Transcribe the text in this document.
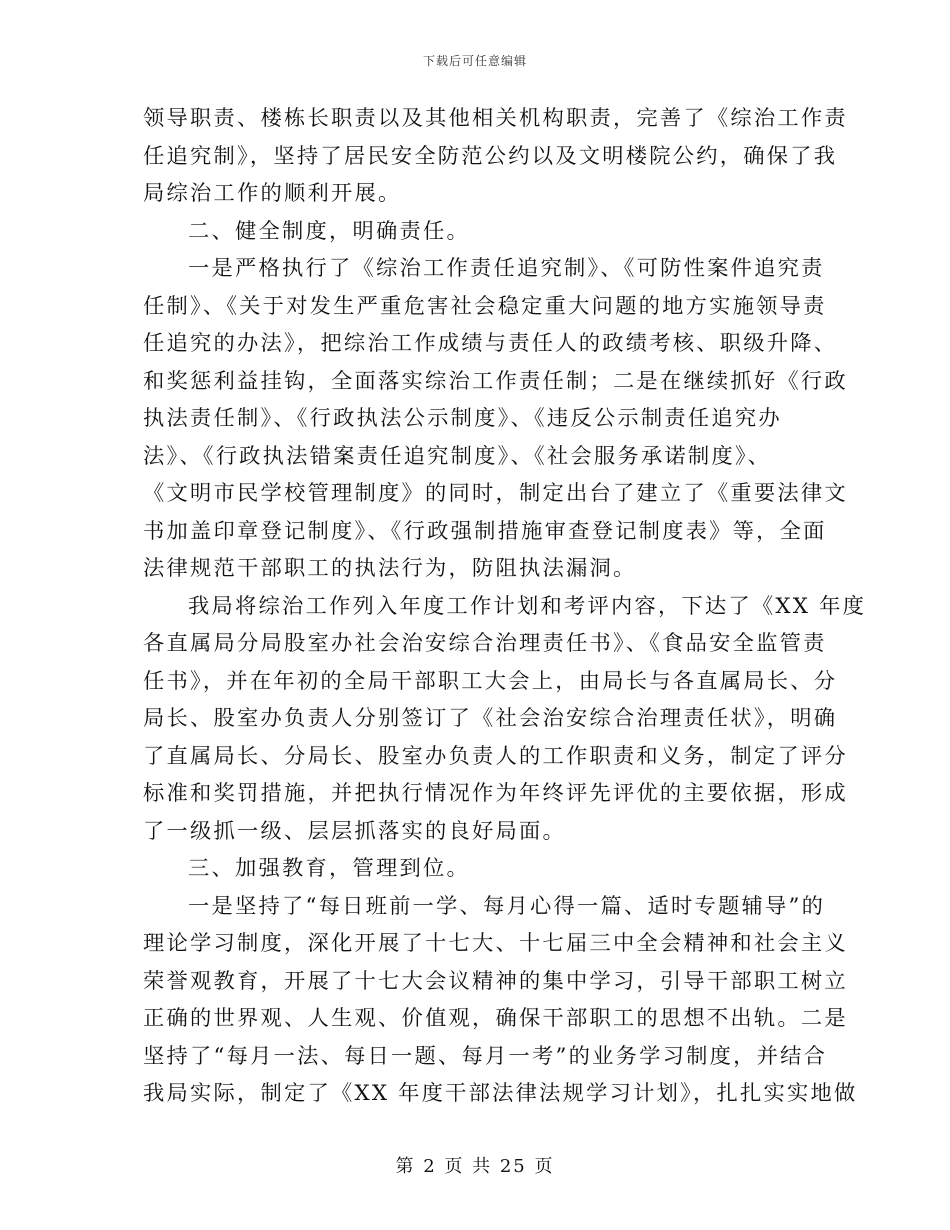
下载后可任意编辑
领导职责、楼栋长职责以及其他相关机构职责，完善了《综治工作责
任追究制》，坚持了居民安全防范公约以及文明楼院公约，确保了我
局综治工作的顺利开展。
二、健全制度，明确责任。
一是严格执行了《综治工作责任追究制》、《可防性案件追究责
任制》、《关于对发生严重危害社会稳定重大问题的地方实施领导责
任追究的办法》，把综治工作成绩与责任人的政绩考核、职级升降、
和奖惩利益挂钩，全面落实综治工作责任制；二是在继续抓好《行政
执法责任制》、《行政执法公示制度》、《违反公示制责任追究办
法》、《行政执法错案责任追究制度》、《社会服务承诺制度》、
《文明市民学校管理制度》的同时，制定出台了建立了《重要法律文
书加盖印章登记制度》、《行政强制措施审查登记制度表》等，全面
法律规范干部职工的执法行为，防阻执法漏洞。
我局将综治工作列入年度工作计划和考评内容，下达了《XX 年度
各直属局分局股室办社会治安综合治理责任书》、《食品安全监管责
任书》，并在年初的全局干部职工大会上，由局长与各直属局长、分
局长、股室办负责人分别签订了《社会治安综合治理责任状》，明确
了直属局长、分局长、股室办负责人的工作职责和义务，制定了评分
标准和奖罚措施，并把执行情况作为年终评先评优的主要依据，形成
了一级抓一级、层层抓落实的良好局面。
三、加强教育，管理到位。
一是坚持了“每日班前一学、每月心得一篇、适时专题辅导”的
理论学习制度，深化开展了十七大、十七届三中全会精神和社会主义
荣誉观教育，开展了十七大会议精神的集中学习，引导干部职工树立
正确的世界观、人生观、价值观，确保干部职工的思想不出轨。二是
坚持了“每月一法、每日一题、每月一考”的业务学习制度，并结合
我局实际，制定了《XX 年度干部法律法规学习计划》，扎扎实实地做
第 2 页 共 25 页
